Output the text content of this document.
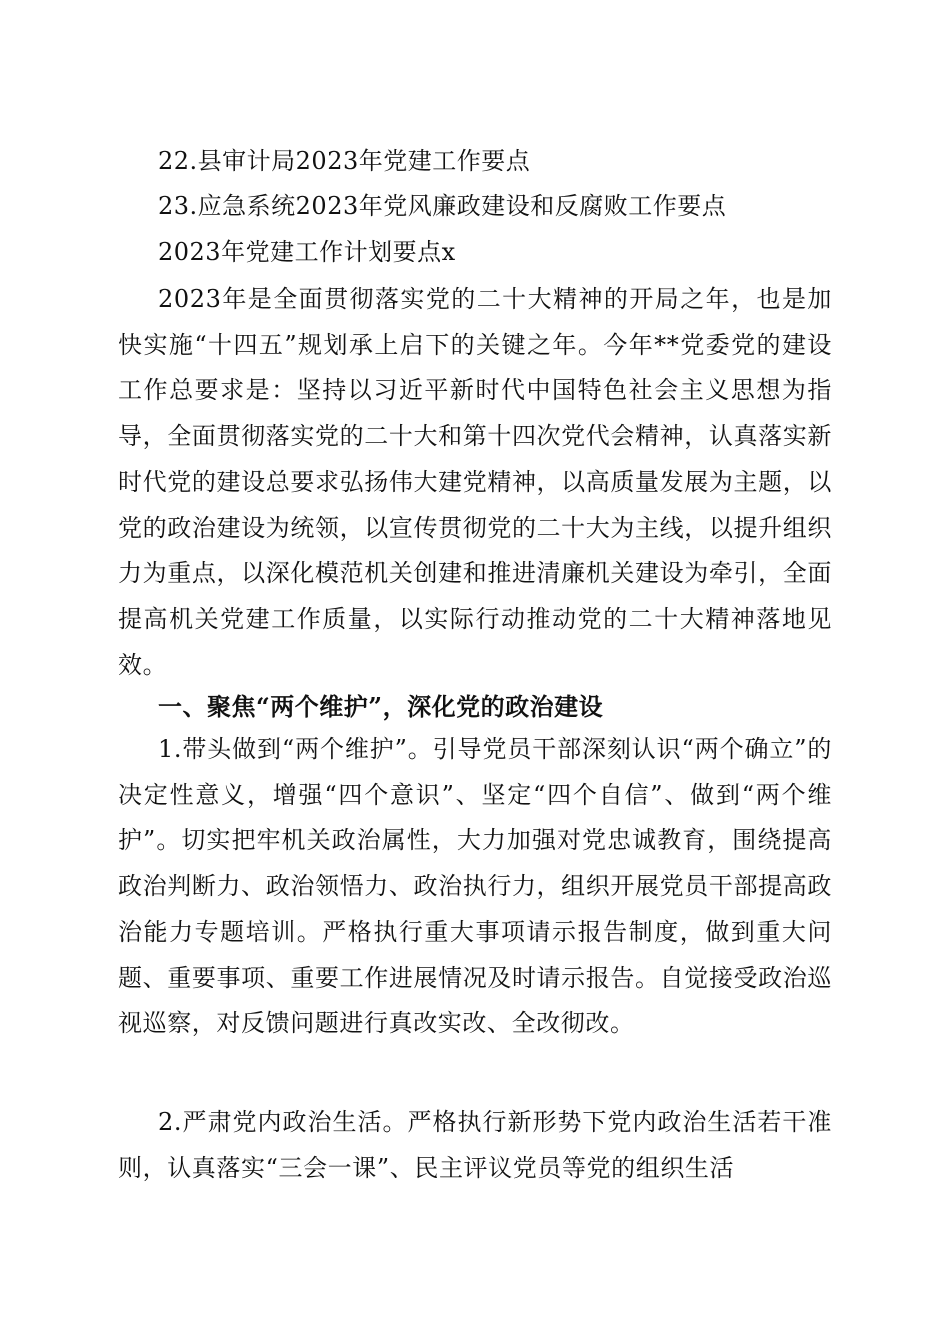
22.县审计局2023年党建工作要点
23.应急系统2023年党风廉政建设和反腐败工作要点
2023年党建工作计划要点x
2023年是全面贯彻落实党的二十大精神的开局之年，也是加快实施“十四五”规划承上启下的关键之年。今年**党委党的建设工作总要求是：坚持以习近平新时代中国特色社会主义思想为指导，全面贯彻落实党的二十大和第十四次党代会精神，认真落实新时代党的建设总要求弘扬伟大建党精神，以高质量发展为主题，以党的政治建设为统领，以宣传贯彻党的二十大为主线，以提升组织力为重点，以深化模范机关创建和推进清廉机关建设为牵引，全面提高机关党建工作质量，以实际行动推动党的二十大精神落地见效。
一、聚焦“两个维护”，深化党的政治建设
1.带头做到“两个维护”。引导党员干部深刻认识“两个确立”的决定性意义，增强“四个意识”、坚定“四个自信”、做到“两个维护”。切实把牢机关政治属性，大力加强对党忠诚教育，围绕提高政治判断力、政治领悟力、政治执行力，组织开展党员干部提高政治能力专题培训。严格执行重大事项请示报告制度，做到重大问题、重要事项、重要工作进展情况及时请示报告。自觉接受政治巡视巡察，对反馈问题进行真改实改、全改彻改。
2.严肃党内政治生活。严格执行新形势下党内政治生活若干准则，认真落实“三会一课”、民主评议党员等党的组织生活
